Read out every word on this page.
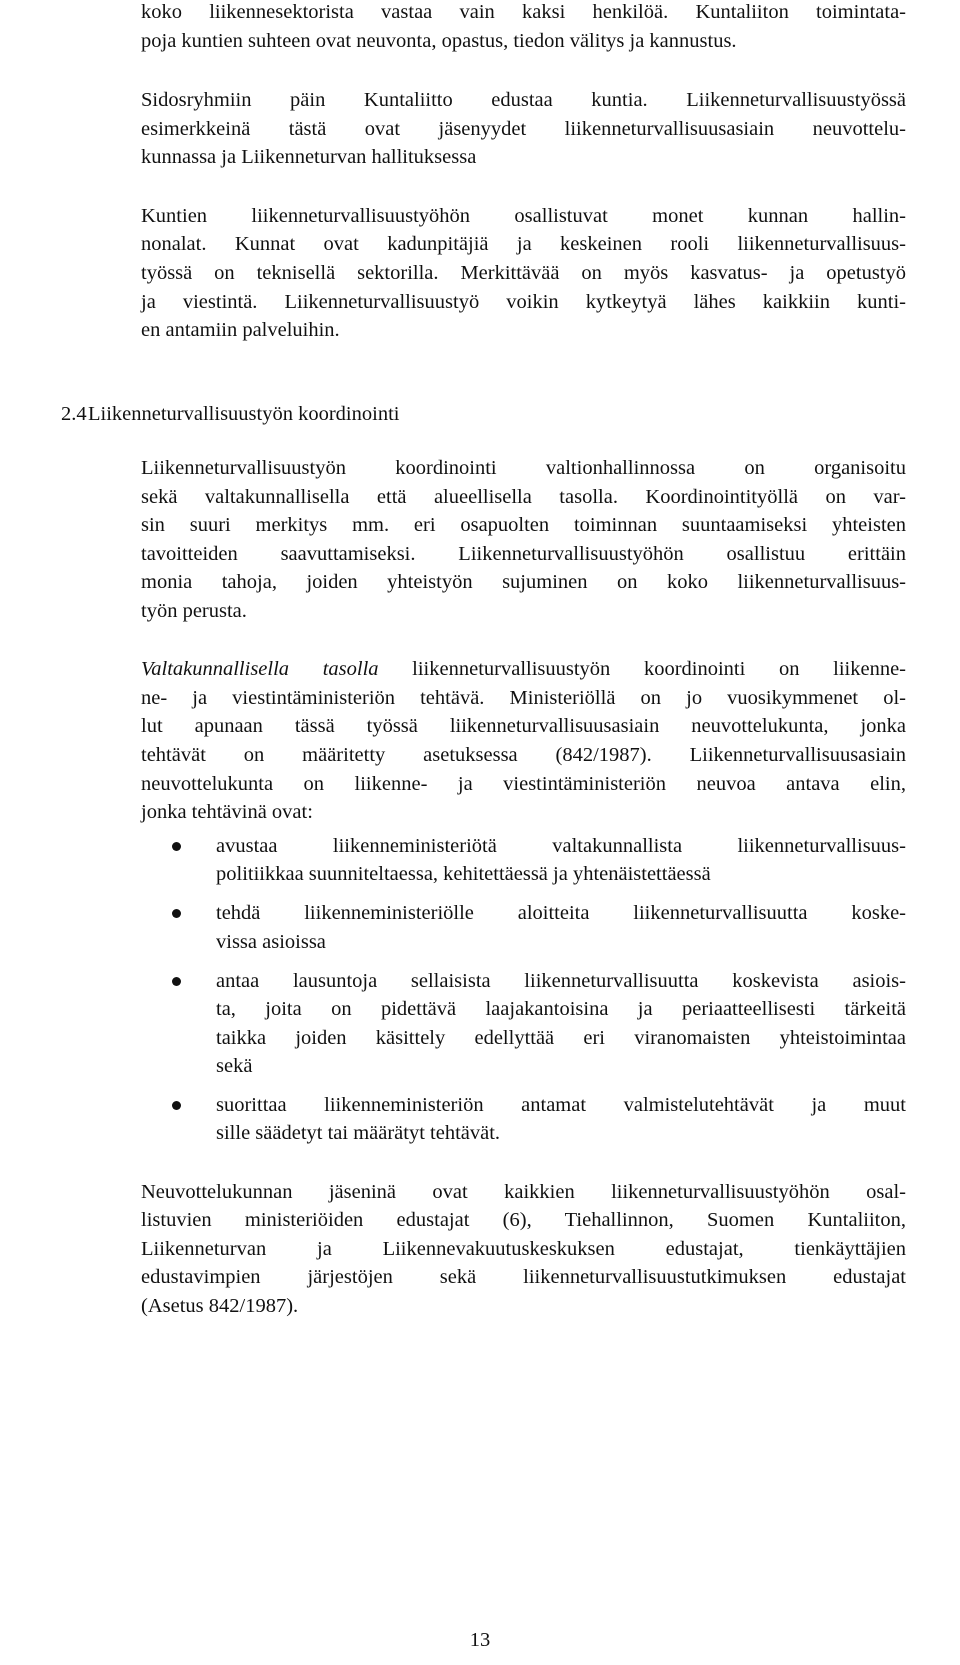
koko liikennesektorista vastaa vain kaksi henkilöä. Kuntaliiton toimintata-
poja kuntien suhteen ovat neuvonta, opastus, tiedon välitys ja kannustus.
Sidosryhmiin päin Kuntaliitto edustaa kuntia. Liikenneturvallisuustyössä
esimerkkeinä tästä ovat jäsenyydet liikenneturvallisuusasiain neuvottelu-
kunnassa ja Liikenneturvan hallituksessa
Kuntien liikenneturvallisuustyöhön osallistuvat monet kunnan hallin-
nonalat. Kunnat ovat kadunpitäjiä ja keskeinen rooli liikenneturvallisuus-
työssä on teknisellä sektorilla. Merkittävää on myös kasvatus- ja opetustyö
ja viestintä. Liikenneturvallisuustyö voikin kytkeytyä lähes kaikkiin kunti-
en antamiin palveluihin.
2.4 Liikenneturvallisuustyön koordinointi
Liikenneturvallisuustyön koordinointi valtionhallinnossa on organisoitu
sekä valtakunnallisella että alueellisella tasolla. Koordinointityöllä on var-
sin suuri merkitys mm. eri osapuolten toiminnan suuntaamiseksi yhteisten
tavoitteiden saavuttamiseksi. Liikenneturvallisuustyöhön osallistuu erittäin
monia tahoja, joiden yhteistyön sujuminen on koko liikenneturvallisuus-
työn perusta.
Valtakunnallisella tasolla liikenneturvallisuustyön koordinointi on liikenne-
ne- ja viestintäministeriön tehtävä. Ministeriöllä on jo vuosikymmenet ol-
lut apunaan tässä työssä liikenneturvallisuusasiain neuvottelukunta, jonka
tehtävät on määritetty asetuksessa (842/1987). Liikenneturvallisuusasiain
neuvottelukunta on liikenne- ja viestintäministeriön neuvoa antava elin,
jonka tehtävinä ovat:
avustaa liikenneministeriötä valtakunnallista liikenneturvallisuus-
politiikkaa suunniteltaessa, kehitettäessä ja yhtenäistettäessä
tehdä liikenneministeriölle aloitteita liikenneturvallisuutta koske-
vissa asioissa
antaa lausuntoja sellaisista liikenneturvallisuutta koskevista asiois-
ta, joita on pidettävä laajakantoisina ja periaatteellisesti tärkeitä
taikka joiden käsittely edellyttää eri viranomaisten yhteistoimintaa
sekä
suorittaa liikenneministeriön antamat valmistelutehtävät ja muut
sille säädetyt tai määrätyt tehtävät.
Neuvottelukunnan jäseninä ovat kaikkien liikenneturvallisuustyöhön osal-
listuvien ministeriöiden edustajat (6), Tiehallinnon, Suomen Kuntaliiton,
Liikenneturvan ja Liikennevakuutuskeskuksen edustajat, tienkäyttäjien
edustavimpien järjestöjen sekä liikenneturvallisuustutkimuksen edustajat
(Asetus 842/1987).
13
